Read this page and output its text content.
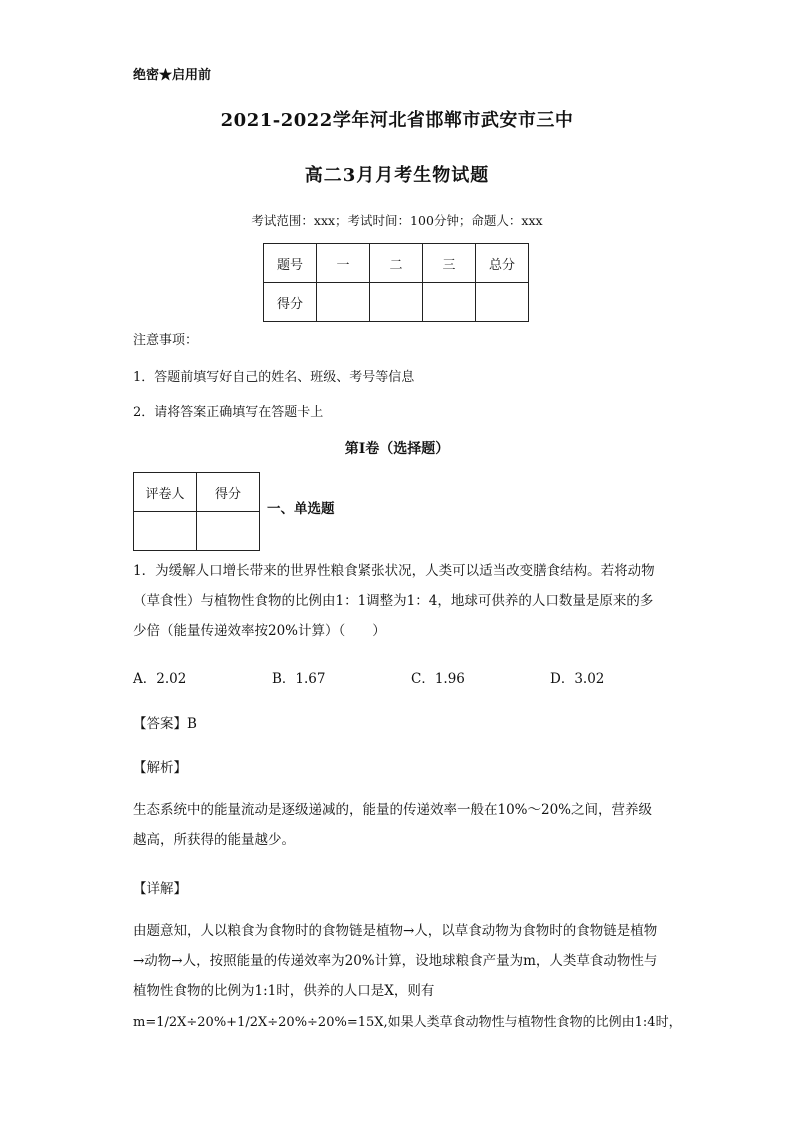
绝密★启用前
2021-2022学年河北省邯郸市武安市三中
高二3月月考生物试题
考试范围：xxx；考试时间：100分钟；命题人：xxx
题号	一	二	三	总分
得分				
注意事项：
1．答题前填写好自己的姓名、班级、考号等信息
2．请将答案正确填写在答题卡上
第I卷（选择题）
评卷人	得分

一、单选题
1．为缓解人口增长带来的世界性粮食紧张状况，人类可以适当改变膳食结构。若将动物（草食性）与植物性食物的比例由1：1调整为1：4，地球可供养的人口数量是原来的多少倍（能量传递效率按20%计算）（　　）
A．2.02	B．1.67	C．1.96	D．3.02
【答案】B
【解析】
生态系统中的能量流动是逐级递减的，能量的传递效率一般在10%～20%之间，营养级越高，所获得的能量越少。
【详解】
由题意知，人以粮食为食物时的食物链是植物→人，以草食动物为食物时的食物链是植物→动物→人，按照能量的传递效率为20%计算，设地球粮食产量为m，人类草食动物性与植物性食物的比例为1:1时，供养的人口是X，则有
m=1/2X÷20%+1/2X÷20%÷20%=15X,如果人类草食动物性与植物性食物的比例由1:4时，
